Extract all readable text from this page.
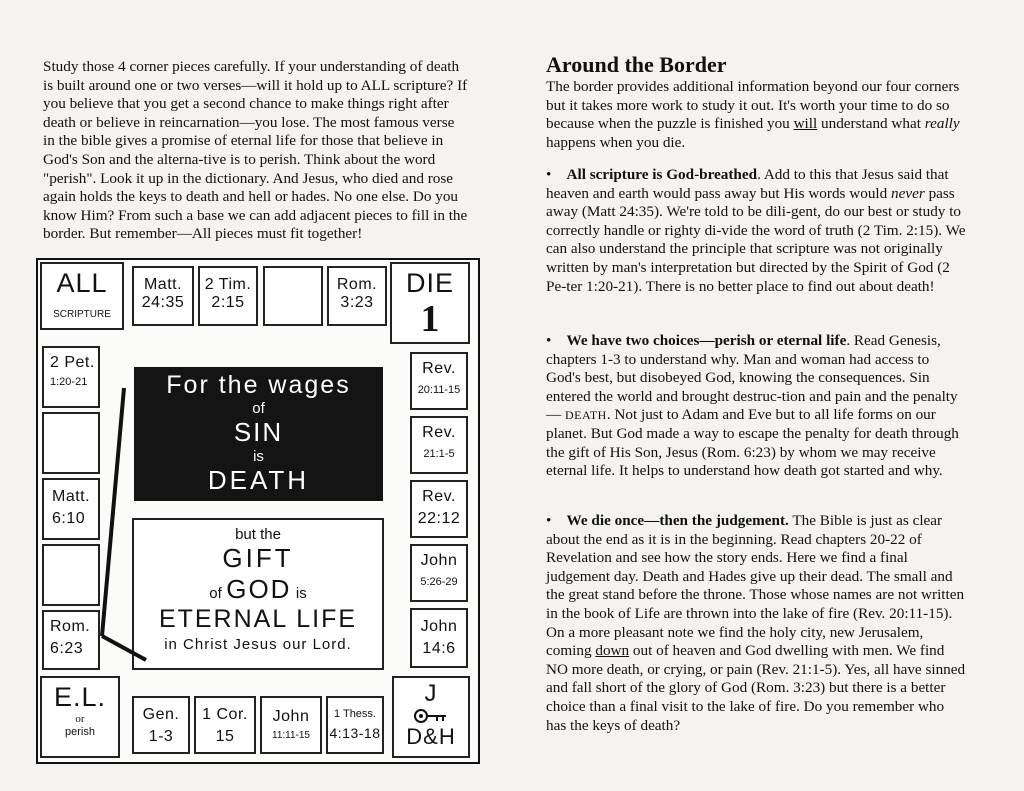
Study those 4 corner pieces carefully. If your understanding of death is built around one or two verses—will it hold up to ALL scripture? If you believe that you get a second chance to make things right after death or believe in reincarnation—you lose. The most famous verse in the bible gives a promise of eternal life for those that believe in God's Son and the alterna-tive is to perish. Think about the word "perish". Look it up in the dictionary. And Jesus, who died and rose again holds the keys to death and hell or hades. No one else. Do you know Him? From such a base we can add adjacent pieces to fill in the border. But remember—All pieces must fit together!

ALL
SCRIPTURE
DIE
1
E.L.
or
perish
J
D&H
Matt.
24:35
2 Tim.
2:15
Rom.
3:23
2 Pet.
1:20-21
Matt.
6:10
Rom.
6:23
Rev.
20:11-15
Rev.
21:1-5
Rev.
22:12
John
5:26-29
John
14:6
Gen.
1-3
1 Cor.
15
John
11:11-15
1 Thess.
4:13-18
For the wages
of
SIN
is
DEATH
but the
GIFT
of GOD is
ETERNAL LIFE
in Christ Jesus our Lord.
Around the Border

The border provides additional information beyond our four corners but it takes more work to study it out. It's worth your time to do so because when the puzzle is finished you will understand what really happens when you die.

•    All scripture is God-breathed. Add to this that Jesus said that heaven and earth would pass away but His words would never pass away (Matt 24:35). We're told to be dili-gent, do our best or study to correctly handle or righty di-vide the word of truth (2 Tim. 2:15). We can also understand the principle that scripture was not originally written by man's interpretation but directed by the Spirit of God (2 Pe-ter 1:20-21). There is no better place to find out about death!

•    We have two choices—perish or eternal life. Read Genesis, chapters 1-3 to understand why. Man and woman had access to God's best, but disobeyed God, knowing the consequences. Sin entered the world and brought destruc-tion and pain and the penalty— DEATH. Not just to Adam and Eve but to all life forms on our planet. But God made a way to escape the penalty for death through the gift of His Son, Jesus (Rom. 6:23) by whom we may receive eternal life. It helps to understand how death got started and why.

•    We die once—then the judgement. The Bible is just as clear about the end as it is in the beginning. Read chapters 20-22 of Revelation and see how the story ends. Here we find a final judgement day. Death and Hades give up their dead. The small and the great stand before the throne. Those whose names are not written in the book of Life are thrown into the lake of fire (Rev. 20:11-15). On a more pleasant note we find the holy city, new Jerusalem, coming down out of heaven and God dwelling with men. We find NO more death, or crying, or pain (Rev. 21:1-5). Yes, all have sinned and fall short of the glory of God (Rom. 3:23) but there is a better choice than a final visit to the lake of fire. Do you remember who has the keys of death?
